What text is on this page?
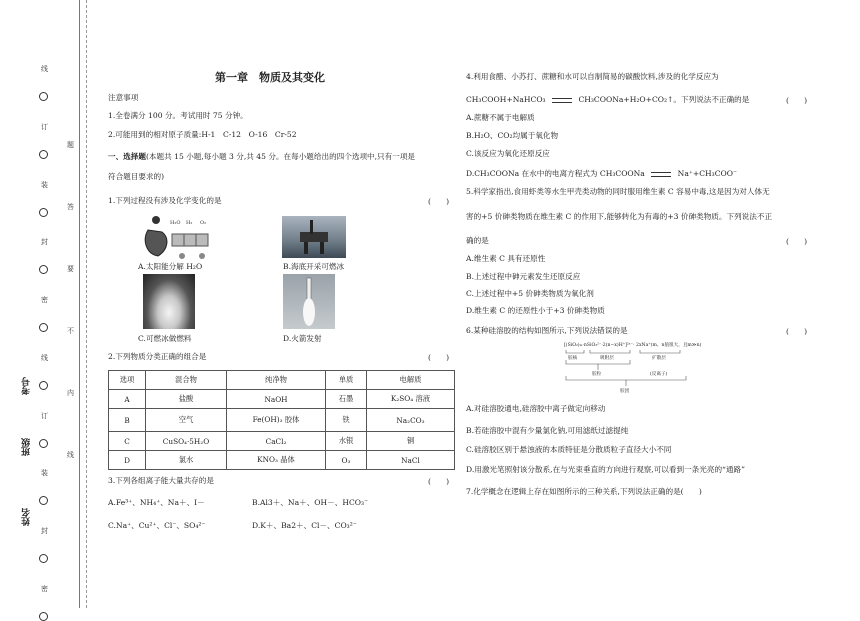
线
订
装
封
密
线
订
装
封
密
题
答
要
不
内
线
考号
班级
姓名
第一章　物质及其变化
注意事项
1.全卷满分 100 分。考试用时 75 分钟。
2.可能用到的相对原子质量:H-1　C-12　O-16　Cr-52
一、选择题(本题共 15 小题,每小题 3 分,共 45 分。在每小题给出的四个选项中,只有一项是
符合题目要求的)
1.下列过程没有涉及化学变化的是	(　　)
H₂O H₂ O₂
A.太阳能分解 H₂O	B.海底开采可燃冰
C.可燃冰做燃料	D.火箭发射
2.下列物质分类正确的组合是	(　　)
选项	混合物	纯净物	单质	电解质
A	盐酸	NaOH	石墨	K₂SO₄ 溶液
B	空气	Fe(OH)₃ 胶体	铁	Na₂CO₃
C	CuSO₄·5H₂O	CaCl₂	水银	铜
D	氯水	KNO₃ 晶体	O₃	NaCl
3.下列各组离子能大量共存的是	(　　)
A.Fe³⁺、NH₄⁺、Na＋、I－	B.Al3＋、Na＋、OH－、HCO₃⁻
C.Na⁺、Cu²⁺、Cl⁻、SO₄²⁻	D.K＋、Ba2＋、Cl－、CO₃²⁻
4.利用食醋、小苏打、蔗糖和水可以自制简易的碳酸饮料,涉及的化学反应为
CH₃COOH+NaHCO₃	CH₃COONa+H₂O+CO₂↑。下列说法不正确的是	(　　)
A.蔗糖不属于电解质
B.H₂O、CO₂均属于氧化物
C.该反应为氧化还原反应
D.CH₃COONa 在水中的电离方程式为 CH₃COONa	Na⁺+CH₃COO⁻
5.科学家指出,食用虾类等水生甲壳类动物的同时服用维生素 C 容易中毒,这是因为对人体无
害的+5 价砷类物质在维生素 C 的作用下,能够转化为有毒的+3 价砷类物质。下列说法不正
确的是	(　　)
A.维生素 C 具有还原性
B.上述过程中砷元素发生还原反应
C.上述过程中+5 价砷类物质为氧化剂
D.维生素 C 的还原性小于+3 价砷类物质
6.某种硅溶胶的结构如图所示,下列说法错误的是	(　　)
[(SiO₂)ₘ·nSiO₃²⁻·2(n−x)H⁺]²ˣ⁻· 2xNa⁺(m、n值很大，且m≫n)
胶核	吸附层	扩散层
胶粒	(反离子)
胶团
A.对硅溶胶通电,硅溶胶中离子做定向移动
B.若硅溶胶中混有少量氯化钠,可用滤纸过滤提纯
C.硅溶胶区别于悬浊液的本质特征是分散质粒子直径大小不同
D.用激光笔照射该分散系,在与光束垂直的方向进行观察,可以看到一条光亮的“通路”
7.化学概念在逻辑上存在如图所示的三种关系,下列说法正确的是(　　)
